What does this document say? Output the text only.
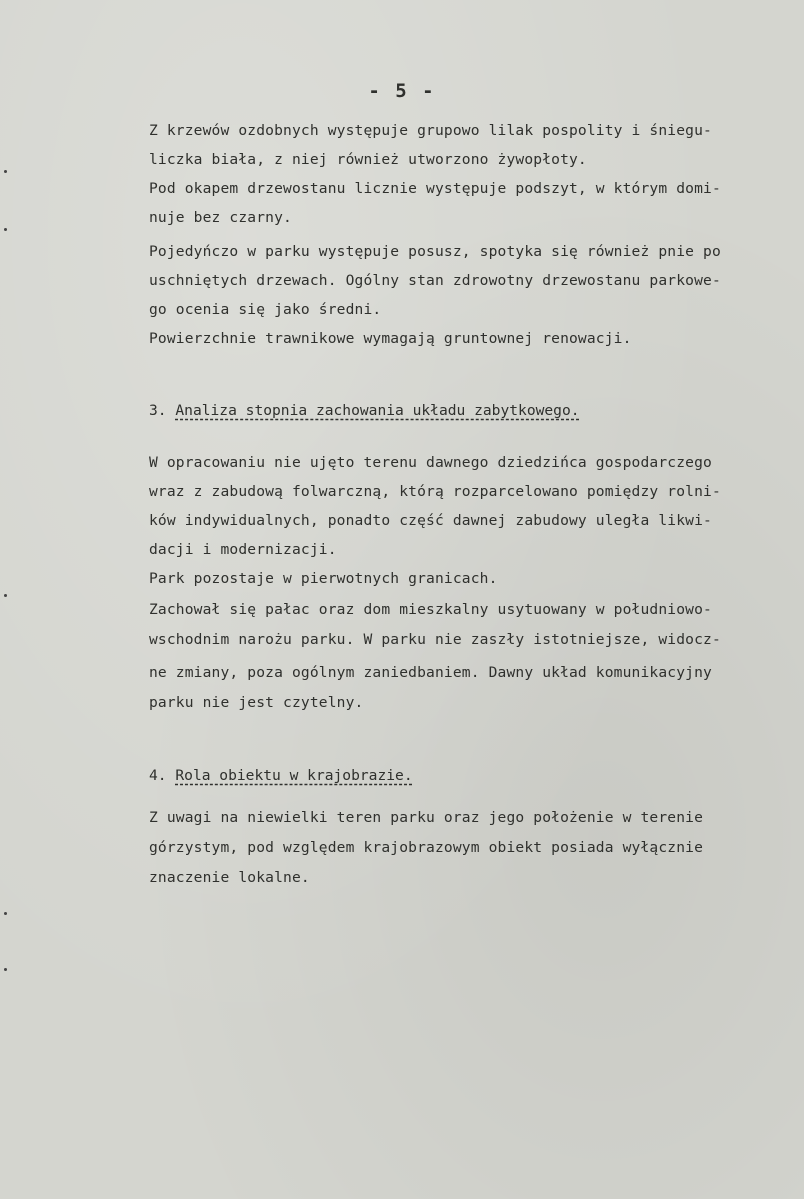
- 5 -
Z krzewów ozdobnych występuje grupowo lilak pospolity i śniegu-
liczka biała, z niej również utworzono żywopłoty.
Pod okapem drzewostanu licznie występuje podszyt, w którym domi-
nuje bez czarny.
Pojedyńczo w parku występuje posusz, spotyka się również pnie po
uschniętych drzewach. Ogólny stan zdrowotny drzewostanu parkowe-
go ocenia się jako średni.
Powierzchnie trawnikowe wymagają gruntownej renowacji.
3. Analiza stopnia zachowania układu zabytkowego.
W opracowaniu nie ujęto terenu dawnego dziedzińca gospodarczego
wraz z zabudową folwarczną, którą rozparcelowano pomiędzy rolni-
ków indywidualnych, ponadto część dawnej zabudowy uległa likwi-
dacji i modernizacji.
Park pozostaje w pierwotnych granicach.
Zachował się pałac oraz dom mieszkalny usytuowany w południowo-
wschodnim narożu parku. W parku nie zaszły istotniejsze, widocz-
ne zmiany, poza ogólnym zaniedbaniem. Dawny układ komunikacyjny
parku nie jest czytelny.
4. Rola obiektu w krajobrazie.
Z uwagi na niewielki teren parku oraz jego położenie w terenie
górzystym, pod względem krajobrazowym obiekt posiada wyłącznie
znaczenie lokalne.
